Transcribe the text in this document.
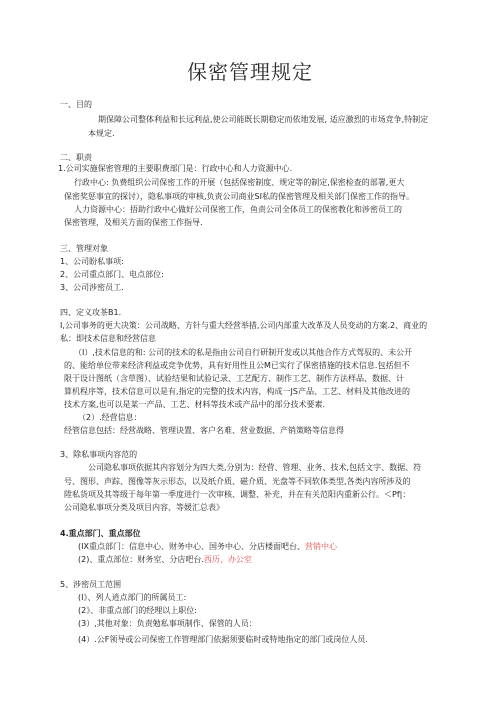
保密管理规定
一、目的
期保障公司整体利益和长远利益,使公司能既长期稳定而依地发展, 适应激烈的市场竞争,特制定
本规定.
二、职责
1.公司实施保密管理的主要职费部门是：行政中心和人力资源中心.
行政中心: 负费组织公司保密工作的开展（包括保密制度、规定等的制定,保密检查的部署,更大
保密奖惩事宜的探讨），隐私事项的审核,负责公司商业SI私的保密管理及相关部门保密工作的指导。
人力资源中心：捂助行政中心做好公司保密工作，鱼责公司全体员工的保密教化和涉密员工的
保密管理，及相关方面的保密工作指导.
三、管理对象
1、公司盼私事项:
2、公司重点部门、电点部位:
3、公司涉密员工.
四、定义攻茶B1.
I,公司事务的更大决策：公司战略、方针与重大经营举措,公司内部重大改革及人员变动的方案.2、商业的
私：即技术信息和经营信息
（I）,技术信息的和: 公司的技术的私是指由公司自行研制开发或以其他合作方式驾驭的、未公开
的、能给单位带来经济利益或竞争优势，具有好用性且公M已实行了保密措施的技术信息.包括但不
限于设计图纸（含草图）、试验结果和试验记录、工艺配方、制作工艺、制作方法样品、数据、计
算机程序等，技术信息可以是有,指定的完整的技术内容，构成一JS产品、工艺、材料及其他改进的
技术方案,也可以是某一产品、工艺、材料等技术或产品中的部分技术要素.
（2）.经营信息：
经管信息包括：经营战略、管理诀置、客户名难、营业数据、产销策略等信息得
3、除私事项内容范的
公司隐私事项依据其内容划分为四大类,分别为：经营、管理、业务、技术,包括文字、数据、符
号、图形、声踪、图像等灰示形态，以及纸介质、磁介质、光盘等不同软体类型,各类内容所涉及的
陞私货项及其等级于每年第一季度进行一次审核、调整、补充，并在有关范阳内重新公行。＜Pf|：
公司隐私事项分类及项目内容、等媛汇总表》
4.重点部门、重点部位
(IX重点部门：信息中心、财务中心、国务中心、分店楼面吧台、营销中心
(2)、重点部位：财务室、分店吧台.西历、办公室
5、涉密员工范围
(I》、列人逍点部门的所属员工:
(2》、非重点部门的经理以上职位:
(3）,其他对象：负责勉私事项制作、保管的人员：
(4）.公F领导或公司保密工作管理部门依据须要临时或特地指定的部门或岗位人员.
